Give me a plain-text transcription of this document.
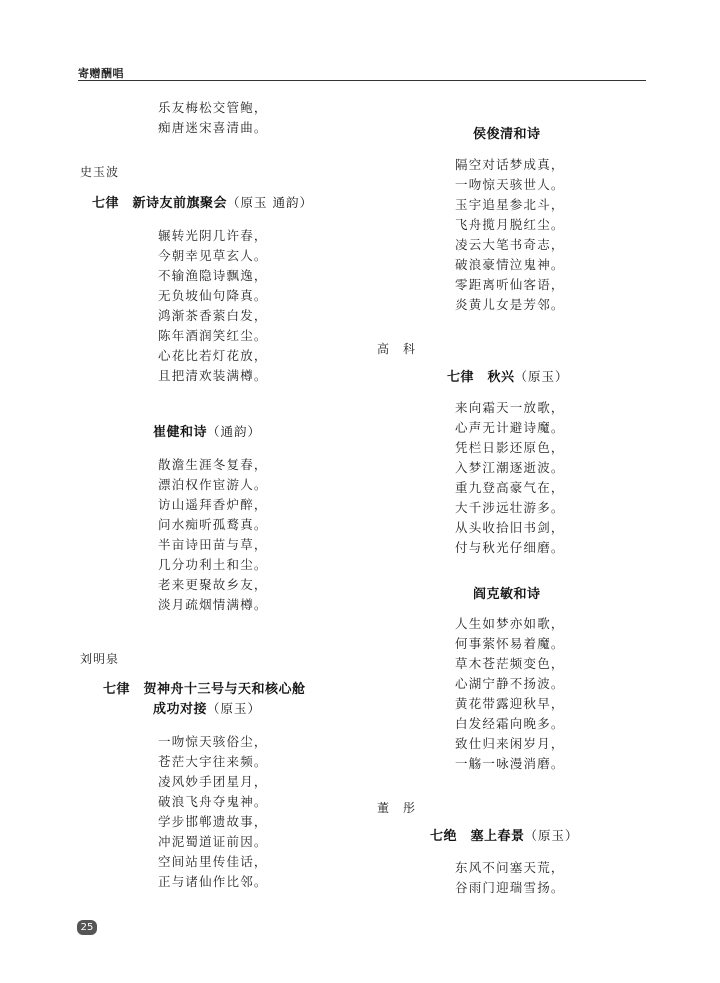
寄赠酬唱
乐友梅松交管鲍，
痴唐迷宋喜清曲。
史玉波
七律　新诗友前旗聚会（原玉 通韵）
辗转光阴几许春，
今朝幸见草玄人。
不输渔隐诗飘逸，
无负坡仙句降真。
鸿渐茶香萦白发，
陈年酒润笑红尘。
心花比若灯花放，
且把清欢装满樽。
崔健和诗（通韵）
散澹生涯冬复春，
漂泊权作宦游人。
访山遥拜香炉醉，
问水痴听孤鹜真。
半亩诗田苗与草，
几分功利土和尘。
老来更聚故乡友，
淡月疏烟情满樽。
刘明泉
七律　贺神舟十三号与天和核心舱
成功对接（原玉）
一吻惊天骇俗尘，
苍茫大宇往来频。
凌风妙手团星月，
破浪飞舟夺鬼神。
学步邯郸遗故事，
冲泥蜀道证前因。
空间站里传佳话，
正与诸仙作比邻。
侯俊清和诗
隔空对话梦成真，
一吻惊天骇世人。
玉宇追星参北斗，
飞舟揽月脱红尘。
凌云大笔书奇志，
破浪豪情泣鬼神。
零距离听仙客语，
炎黄儿女是芳邻。
高　科
七律　秋兴（原玉）
来向霜天一放歌，
心声无计避诗魔。
凭栏日影还原色，
入梦江潮逐逝波。
重九登高豪气在，
大千涉远壮游多。
从头收拾旧书剑，
付与秋光仔细磨。
阎克敏和诗
人生如梦亦如歌，
何事萦怀易着魔。
草木苍茫频变色，
心湖宁静不扬波。
黄花带露迎秋早，
白发经霜向晚多。
致仕归来闲岁月，
一觞一咏漫消磨。
董　彤
七绝　塞上春景（原玉）
东风不问塞天荒，
谷雨门迎瑞雪扬。
25
